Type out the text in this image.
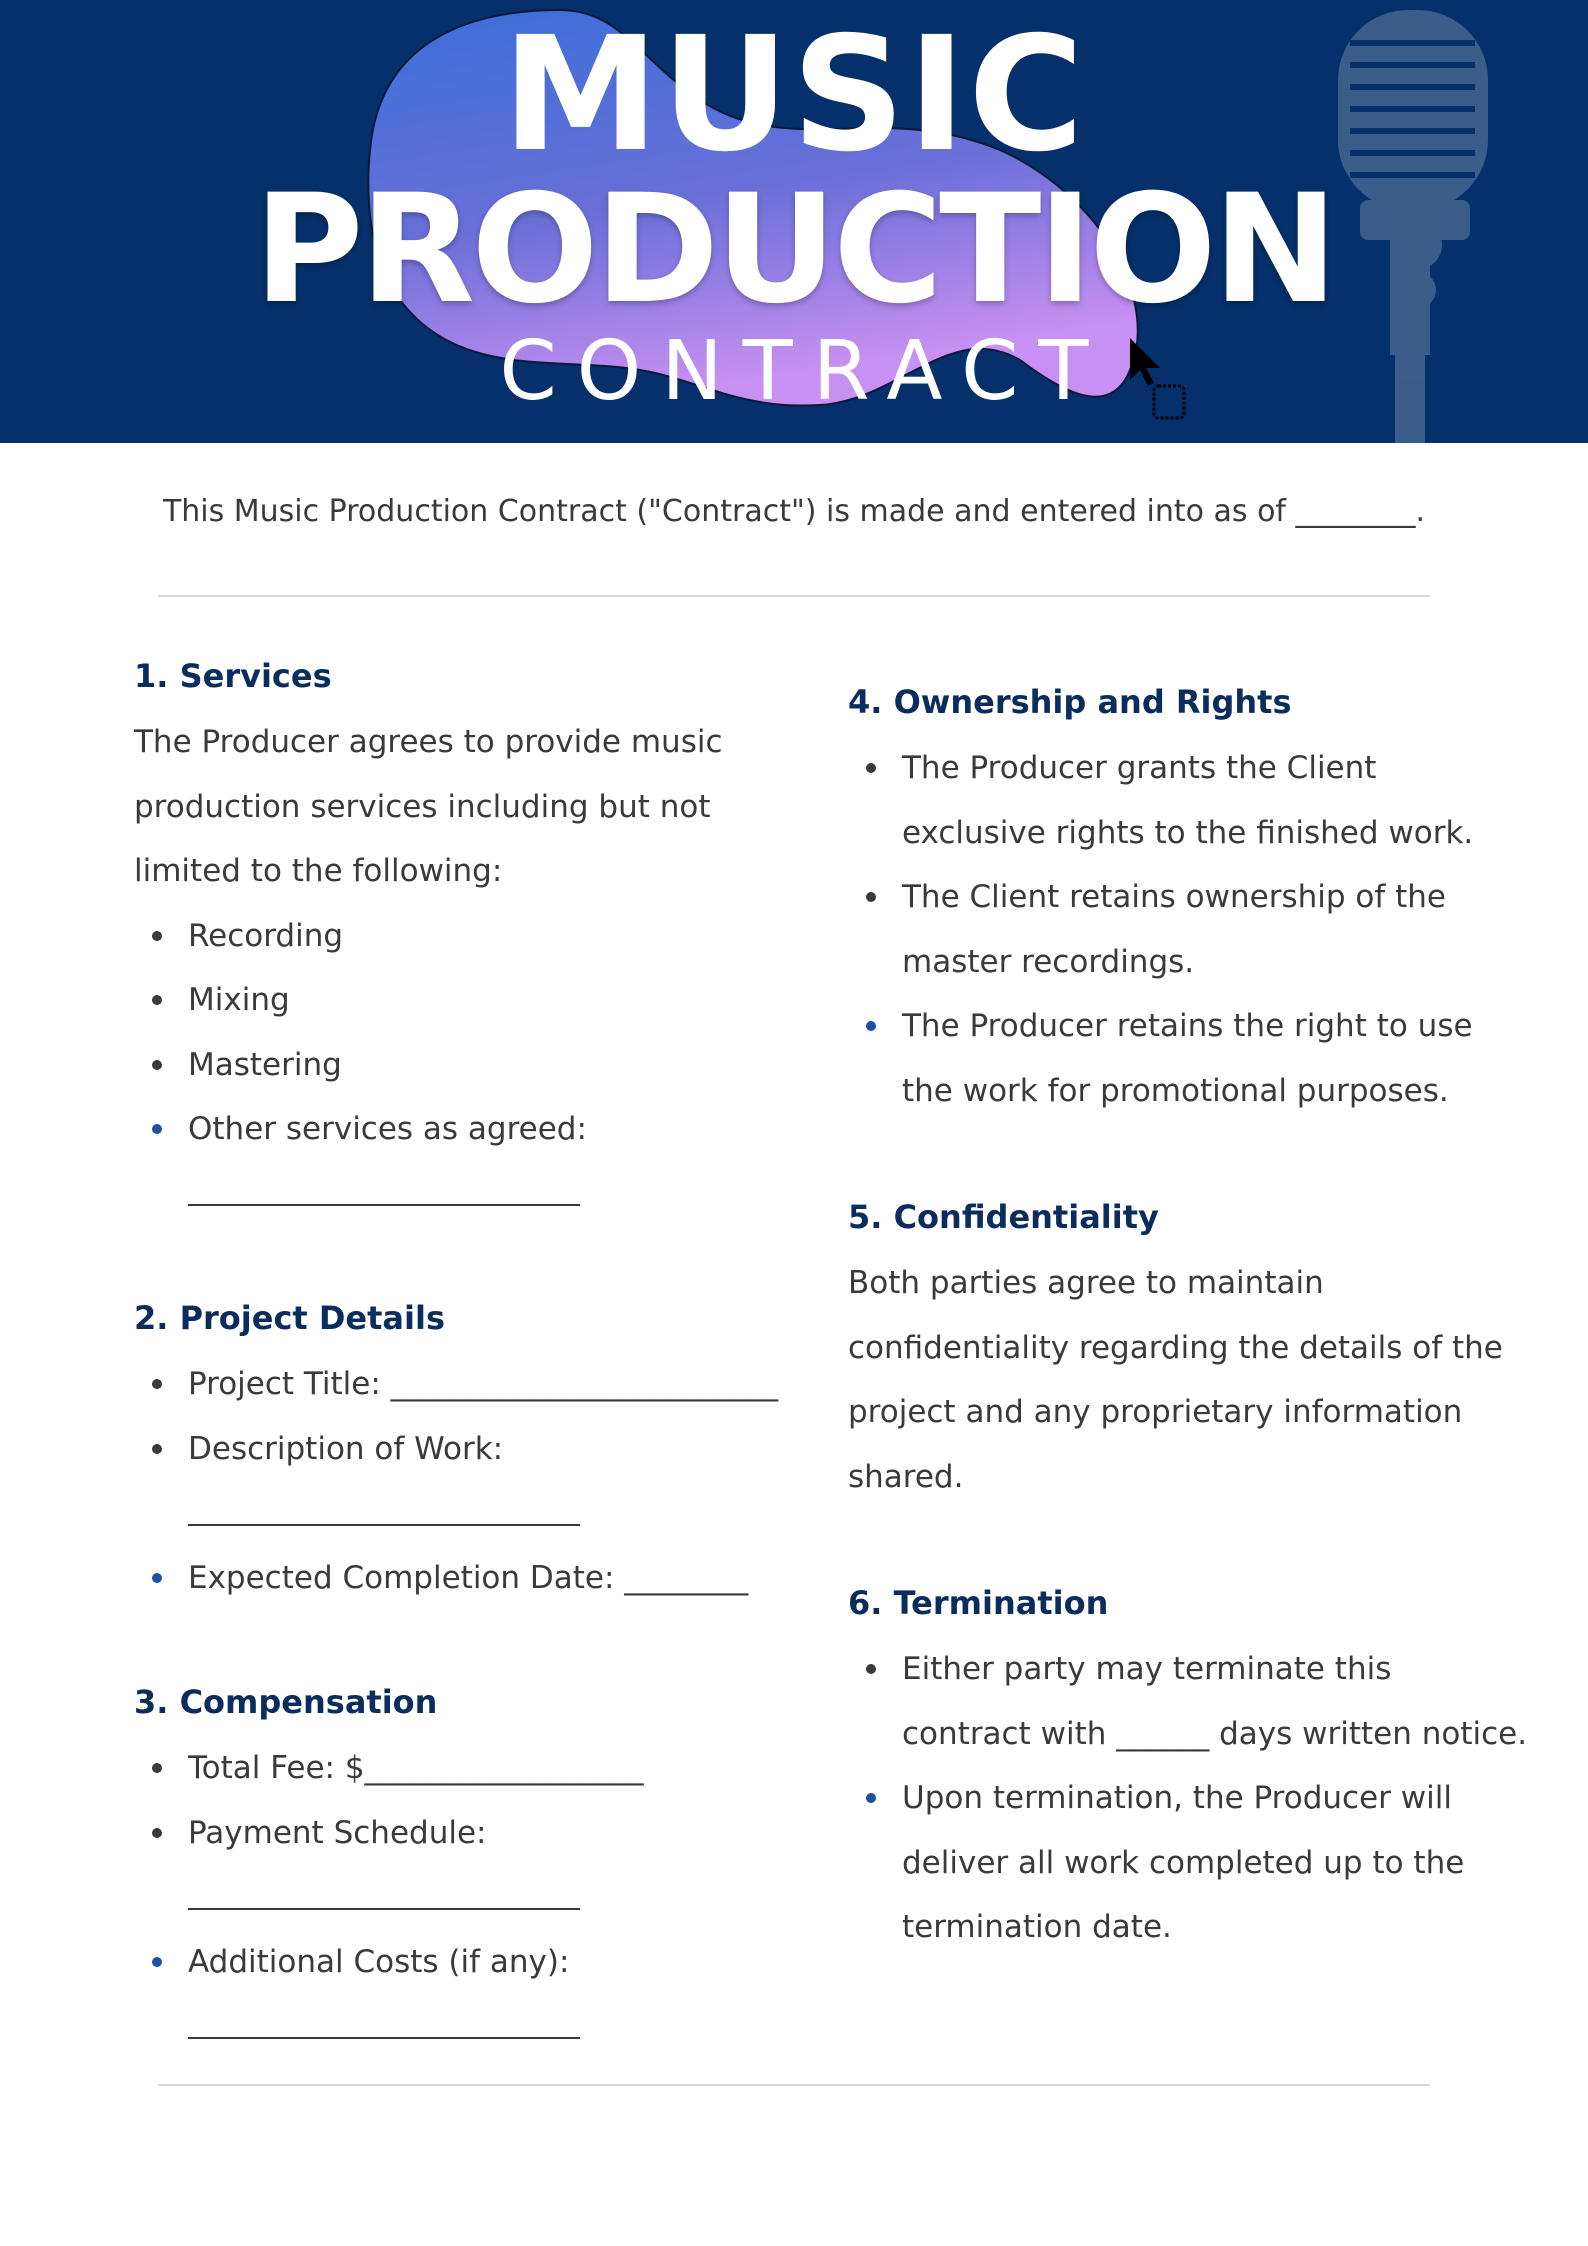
MUSIC
PRODUCTION
CONTRACT
This Music Production Contract ("Contract") is made and entered into as of ________.
1. Services

The Producer agrees to provide music production services including but not limited to the following:

Recording
Mixing
Mastering
Other services as agreed:
2. Project Details
Project Title: _________________________
Description of Work:
Expected Completion Date: ________
3. Compensation
Total Fee: $__________________
Payment Schedule:
Additional Costs (if any):
4. Ownership and Rights
The Producer grants the Client exclusive rights to the finished work.
The Client retains ownership of the master recordings.
The Producer retains the right to use the work for promotional purposes.
5. Confidentiality

Both parties agree to maintain confidentiality regarding the details of the project and any proprietary information shared.

6. Termination
Either party may terminate this contract with ______ days written notice.
Upon termination, the Producer will deliver all work completed up to the termination date.
